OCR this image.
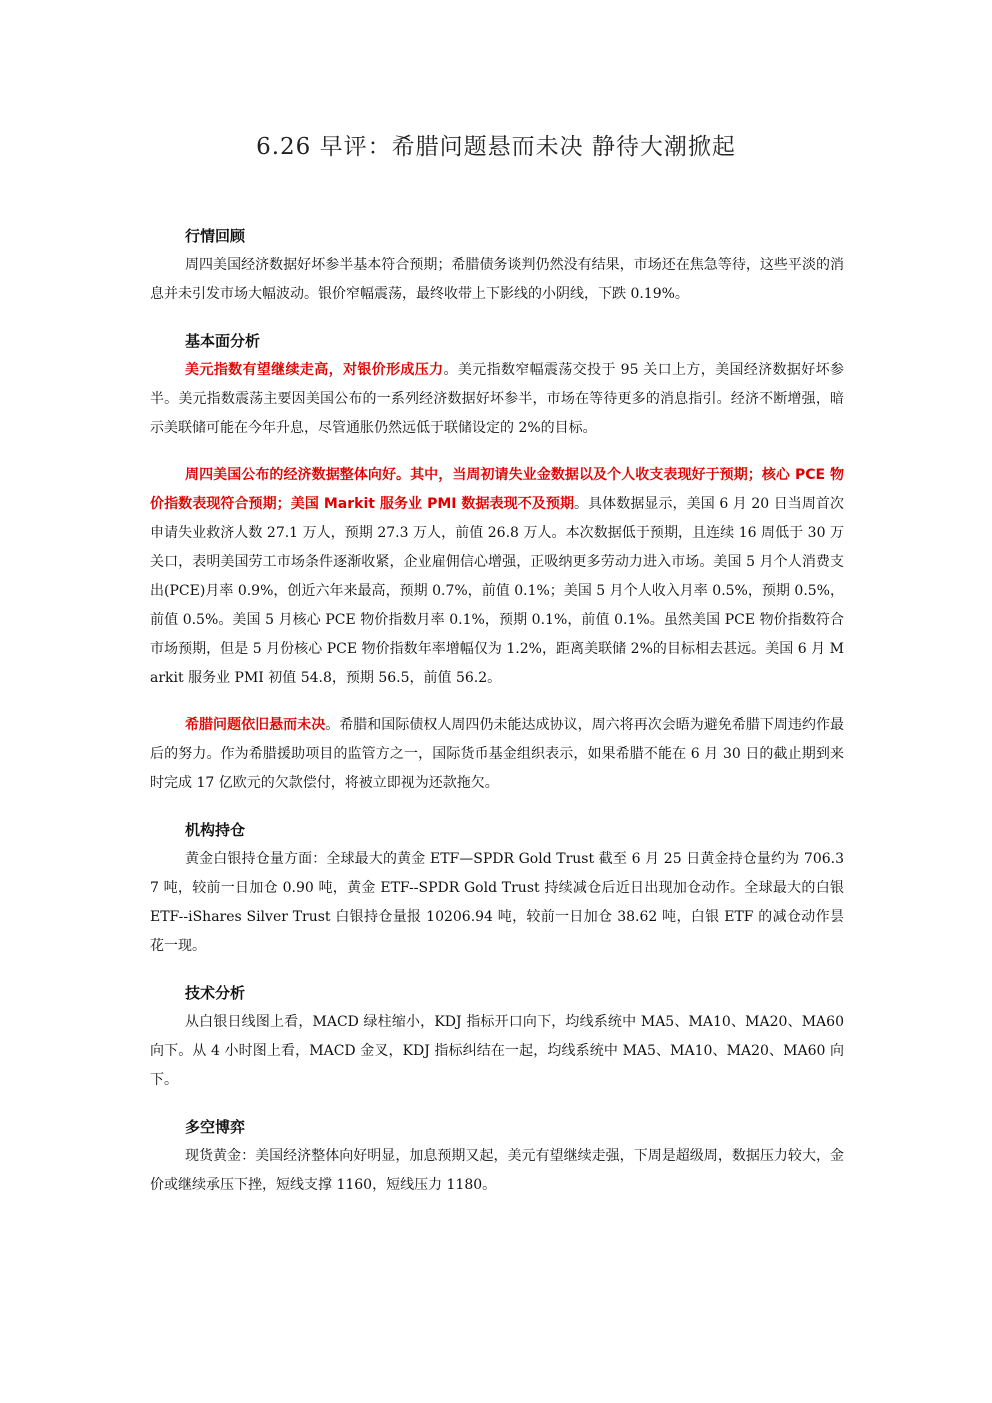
6.26 早评：希腊问题悬而未决 静待大潮掀起

行情回顾

周四美国经济数据好坏参半基本符合预期；希腊债务谈判仍然没有结果，市场还在焦急等待，这些平淡的消息并未引发市场大幅波动。银价窄幅震荡，最终收带上下影线的小阴线，下跌 0.19%。

基本面分析

美元指数有望继续走高，对银价形成压力。美元指数窄幅震荡交投于 95 关口上方，美国经济数据好坏参半。美元指数震荡主要因美国公布的一系列经济数据好坏参半，市场在等待更多的消息指引。经济不断增强，暗示美联储可能在今年升息，尽管通胀仍然远低于联储设定的 2%的目标。

周四美国公布的经济数据整体向好。其中，当周初请失业金数据以及个人收支表现好于预期；核心 PCE 物价指数表现符合预期；美国 Markit 服务业 PMI 数据表现不及预期。具体数据显示，美国 6 月 20 日当周首次申请失业救济人数 27.1 万人，预期 27.3 万人，前值 26.8 万人。本次数据低于预期，且连续 16 周低于 30 万关口，表明美国劳工市场条件逐渐收紧，企业雇佣信心增强，正吸纳更多劳动力进入市场。美国 5 月个人消费支出(PCE)月率 0.9%，创近六年来最高，预期 0.7%，前值 0.1%；美国 5 月个人收入月率 0.5%，预期 0.5%，前值 0.5%。美国 5 月核心 PCE 物价指数月率 0.1%，预期 0.1%，前值 0.1%。虽然美国 PCE 物价指数符合市场预期，但是 5 月份核心 PCE 物价指数年率增幅仅为 1.2%，距离美联储 2%的目标相去甚远。美国 6 月 Markit 服务业 PMI 初值 54.8，预期 56.5，前值 56.2。

希腊问题依旧悬而未决。希腊和国际债权人周四仍未能达成协议，周六将再次会晤为避免希腊下周违约作最后的努力。作为希腊援助项目的监管方之一，国际货币基金组织表示，如果希腊不能在 6 月 30 日的截止期到来时完成 17 亿欧元的欠款偿付，将被立即视为还款拖欠。

机构持仓

黄金白银持仓量方面：全球最大的黄金 ETF—SPDR Gold Trust 截至 6 月 25 日黄金持仓量约为 706.37 吨，较前一日加仓 0.90 吨，黄金 ETF--SPDR Gold Trust 持续减仓后近日出现加仓动作。全球最大的白银 ETF--iShares Silver Trust 白银持仓量报 10206.94 吨，较前一日加仓 38.62 吨，白银 ETF 的减仓动作昙花一现。

技术分析

从白银日线图上看，MACD 绿柱缩小，KDJ 指标开口向下，均线系统中 MA5、MA10、MA20、MA60 向下。从 4 小时图上看，MACD 金叉，KDJ 指标纠结在一起，均线系统中 MA5、MA10、MA20、MA60 向下。

多空博弈

现货黄金：美国经济整体向好明显，加息预期又起，美元有望继续走强，下周是超级周，数据压力较大，金价或继续承压下挫，短线支撑 1160，短线压力 1180。
